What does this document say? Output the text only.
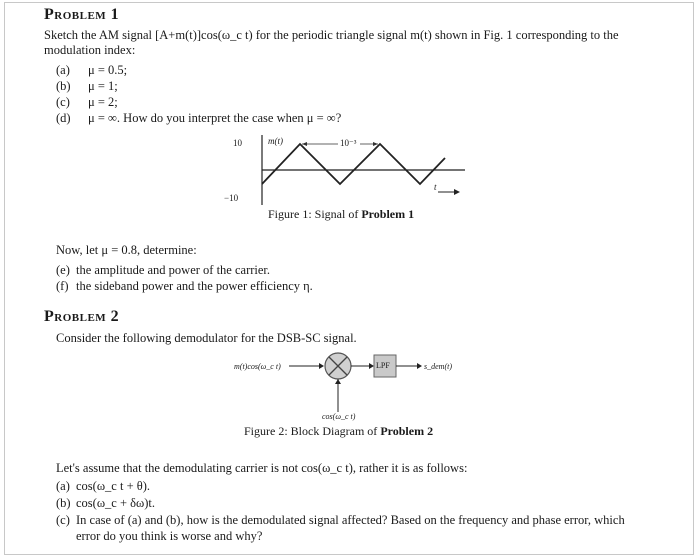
Problem 1
Sketch the AM signal [A+m(t)]cos(ω_c t) for the periodic triangle signal m(t) shown in Fig. 1 corresponding to the
modulation index:
(a) μ = 0.5;
(b) μ = 1;
(c) μ = 2;
(d) μ = ∞. How do you interpret the case when μ = ∞?
10
−10
m(t)	10⁻³
t
Figure 1: Signal of Problem 1
Now, let μ = 0.8, determine:
(e) the amplitude and power of the carrier.
(f) the sideband power and the power efficiency η.
Problem 2
Consider the following demodulator for the DSB-SC signal.
m(t)cos(ω_c t)	LPF	s_dem(t)
cos(ω_c t)
Figure 2: Block Diagram of Problem 2
Let's assume that the demodulating carrier is not cos(ω_c t), rather it is as follows:
(a) cos(ω_c t + θ).
(b) cos(ω_c + δω)t.
(c) In case of (a) and (b), how is the demodulated signal affected? Based on the frequency and phase error, which
error do you think is worse and why?
